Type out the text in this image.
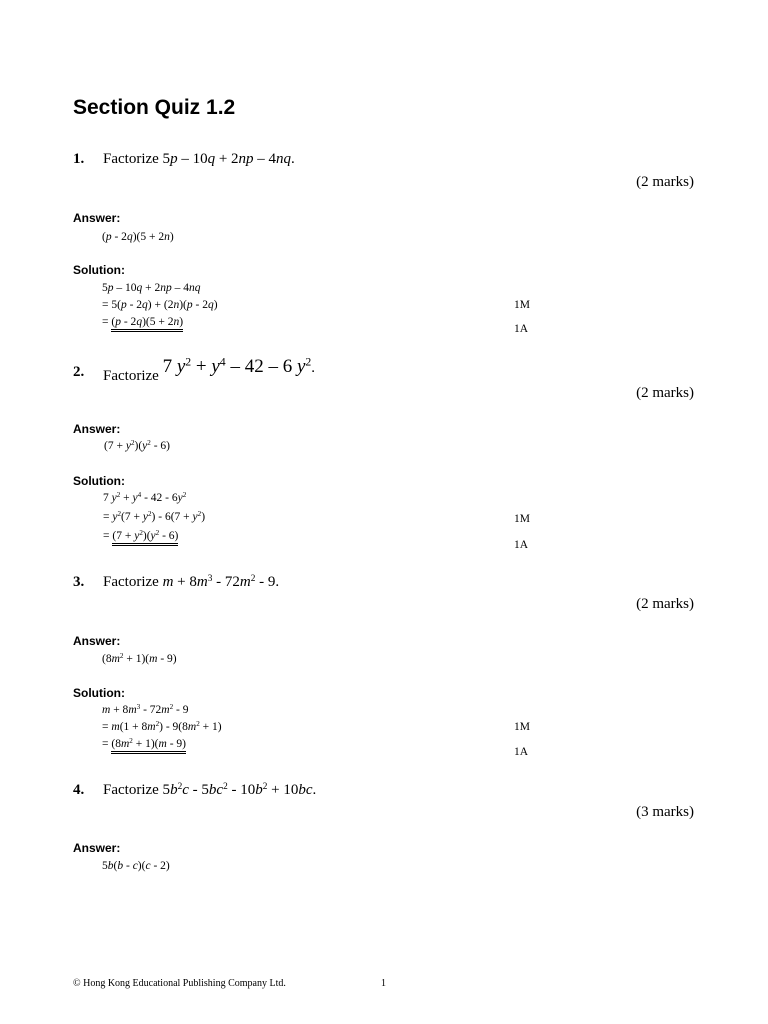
Section Quiz 1.2
1. Factorize 5p – 10q + 2np – 4nq.
(2 marks)
Answer:
(p - 2q)(5 + 2n)
Solution:
5p – 10q + 2np – 4nq
= 5(p - 2q) + (2n)(p - 2q)	1M
= (p - 2q)(5 + 2n)
1A
2. Factorize 7 $y^2 + y^4 - 42 - 6$ $y^2$.
(2 marks)
Answer:
$(7 + y^2)(y^2 - 6)$
Solution:
7 $y^2 + y^4 - 42 - 6y^2$
= $y^2(7 + y^2) - 6(7 + y^2)$	1M
= $(7 + y^2)(y^2 - 6)$
1A
3. Factorize $m + 8m^3 - 72m^2 - 9$.
(2 marks)
Answer:
$(8m^2 + 1)(m - 9)$
Solution:
$m + 8m^3 - 72m^2 - 9$
= $m(1 + 8m^2) - 9(8m^2 + 1)$	1M
= $(8m^2 + 1)(m - 9)$
1A
4. Factorize $5b^2c - 5bc^2 - 10b^2 + 10bc$.
(3 marks)
Answer:
5b(b - c)(c - 2)
© Hong Kong Educational Publishing Company Ltd.	1
